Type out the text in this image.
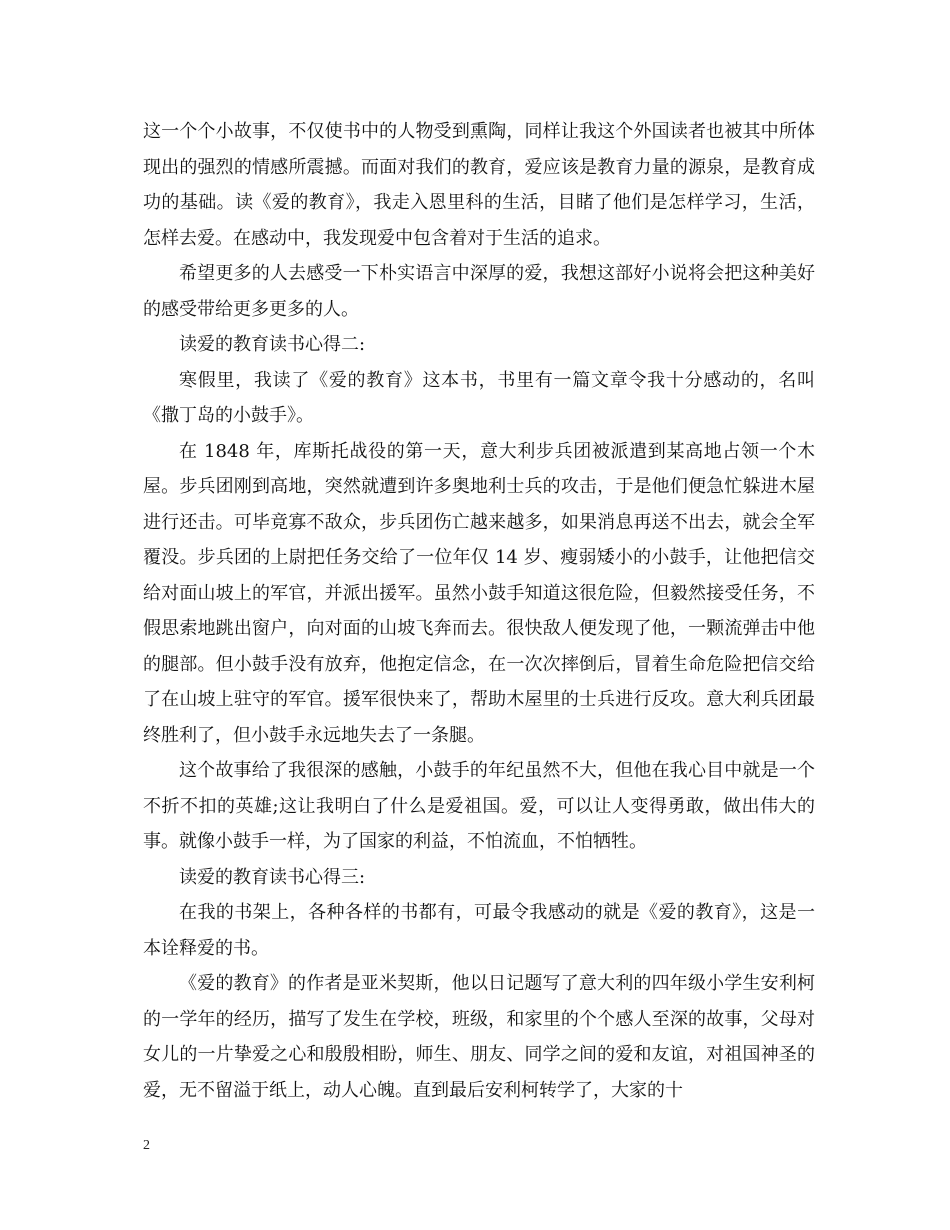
这一个个小故事，不仅使书中的人物受到熏陶，同样让我这个外国读者也被其中所体现出的强烈的情感所震撼。而面对我们的教育，爱应该是教育力量的源泉，是教育成功的基础。读《爱的教育》，我走入恩里科的生活，目睹了他们是怎样学习，生活，怎样去爱。在感动中，我发现爱中包含着对于生活的追求。

希望更多的人去感受一下朴实语言中深厚的爱，我想这部好小说将会把这种美好的感受带给更多更多的人。

读爱的教育读书心得二:

寒假里，我读了《爱的教育》这本书，书里有一篇文章令我十分感动的，名叫《撒丁岛的小鼓手》。

在 1848 年，库斯托战役的第一天，意大利步兵团被派遣到某高地占领一个木屋。步兵团刚到高地，突然就遭到许多奥地利士兵的攻击，于是他们便急忙躲进木屋进行还击。可毕竟寡不敌众，步兵团伤亡越来越多，如果消息再送不出去，就会全军覆没。步兵团的上尉把任务交给了一位年仅 14 岁、瘦弱矮小的小鼓手，让他把信交给对面山坡上的军官，并派出援军。虽然小鼓手知道这很危险，但毅然接受任务，不假思索地跳出窗户，向对面的山坡飞奔而去。很快敌人便发现了他，一颗流弹击中他的腿部。但小鼓手没有放弃，他抱定信念，在一次次摔倒后，冒着生命危险把信交给了在山坡上驻守的军官。援军很快来了，帮助木屋里的士兵进行反攻。意大利兵团最终胜利了，但小鼓手永远地失去了一条腿。

这个故事给了我很深的感触，小鼓手的年纪虽然不大，但他在我心目中就是一个不折不扣的英雄;这让我明白了什么是爱祖国。爱，可以让人变得勇敢，做出伟大的事。就像小鼓手一样，为了国家的利益，不怕流血，不怕牺牲。

读爱的教育读书心得三:

在我的书架上，各种各样的书都有，可最令我感动的就是《爱的教育》，这是一本诠释爱的书。

《爱的教育》的作者是亚米契斯，他以日记题写了意大利的四年级小学生安利柯的一学年的经历，描写了发生在学校，班级，和家里的个个感人至深的故事，父母对女儿的一片挚爱之心和殷殷相盼，师生、朋友、同学之间的爱和友谊，对祖国神圣的爱，无不留溢于纸上，动人心魄。直到最后安利柯转学了，大家的十

2
